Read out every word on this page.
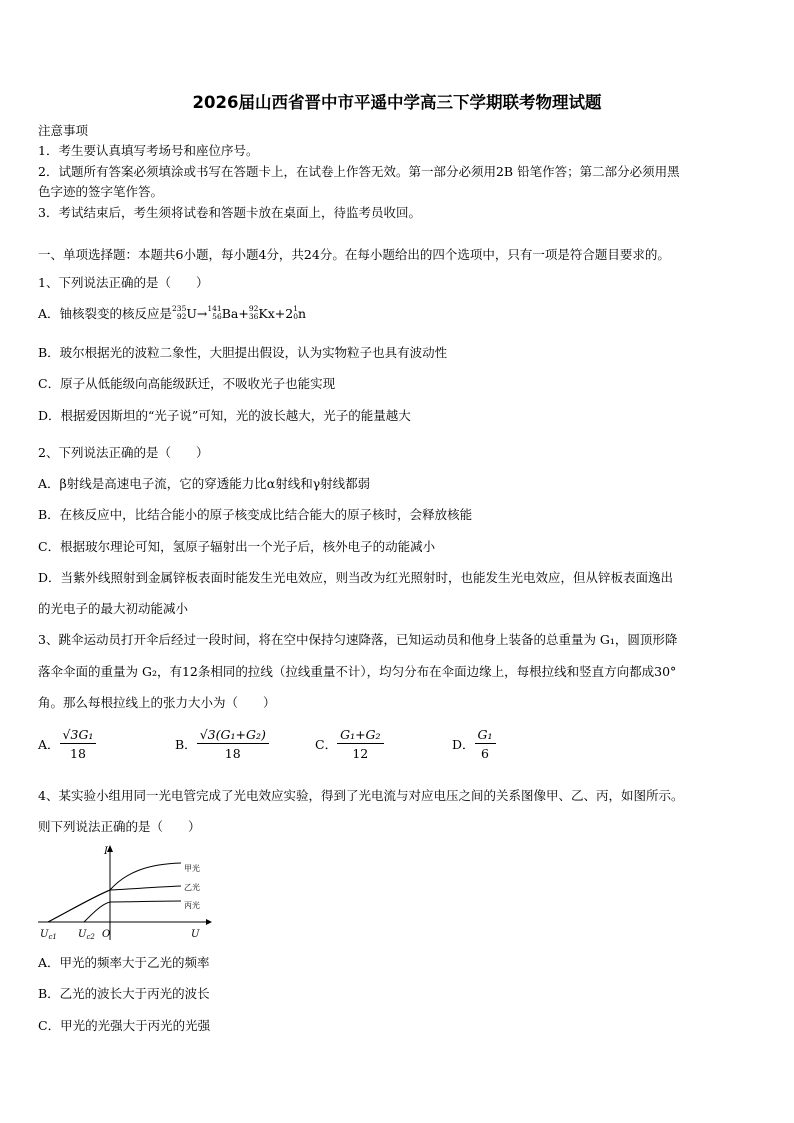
2026届山西省晋中市平遥中学高三下学期联考物理试题
注意事项
1．考生要认真填写考场号和座位序号。
2．试题所有答案必须填涂或书写在答题卡上，在试卷上作答无效。第一部分必须用2B 铅笔作答；第二部分必须用黑
色字迹的签字笔作答。
3．考试结束后，考生须将试卷和答题卡放在桌面上，待监考员收回。
一、单项选择题：本题共6小题，每小题4分，共24分。在每小题给出的四个选项中，只有一项是符合题目要求的。
1、下列说法正确的是（　　）
A．铀核裂变的核反应是 235
92 U → 141
56 Ba+ 92
36 Kx+2 1
0 n
B．玻尔根据光的波粒二象性，大胆提出假设，认为实物粒子也具有波动性
C．原子从低能级向高能级跃迁，不吸收光子也能实现
D．根据爱因斯坦的“光子说”可知，光的波长越大，光子的能量越大
2、下列说法正确的是（　　）
A．β射线是高速电子流，它的穿透能力比α射线和γ射线都弱
B．在核反应中，比结合能小的原子核变成比结合能大的原子核时，会释放核能
C．根据玻尔理论可知，氢原子辐射出一个光子后，核外电子的动能减小
D．当紫外线照射到金属锌板表面时能发生光电效应，则当改为红光照射时，也能发生光电效应，但从锌板表面逸出
的光电子的最大初动能减小
3、跳伞运动员打开伞后经过一段时间，将在空中保持匀速降落，已知运动员和他身上装备的总重量为 G₁，圆顶形降
落伞伞面的重量为 G₂，有12条相同的拉线（拉线重量不计），均匀分布在伞面边缘上，每根拉线和竖直方向都成30°
角。那么每根拉线上的张力大小为（　　）
A． $\frac{\text{√3G₁}}{18}$	B． $\frac{\text{√3(G₁+G₂)}}{18}$	C． $\frac{\text{G₁+G₂}}{12}$	D． $\frac{\text{G₁}}{6}$
4、某实验小组用同一光电管完成了光电效应实验，得到了光电流与对应电压之间的关系图像甲、乙、丙，如图所示。
则下列说法正确的是（　　）
I
U
O
$U_{c1}$ $U_{c2}$
甲光
乙光
丙光
A．甲光的频率大于乙光的频率
B．乙光的波长大于丙光的波长
C．甲光的光强大于丙光的光强
